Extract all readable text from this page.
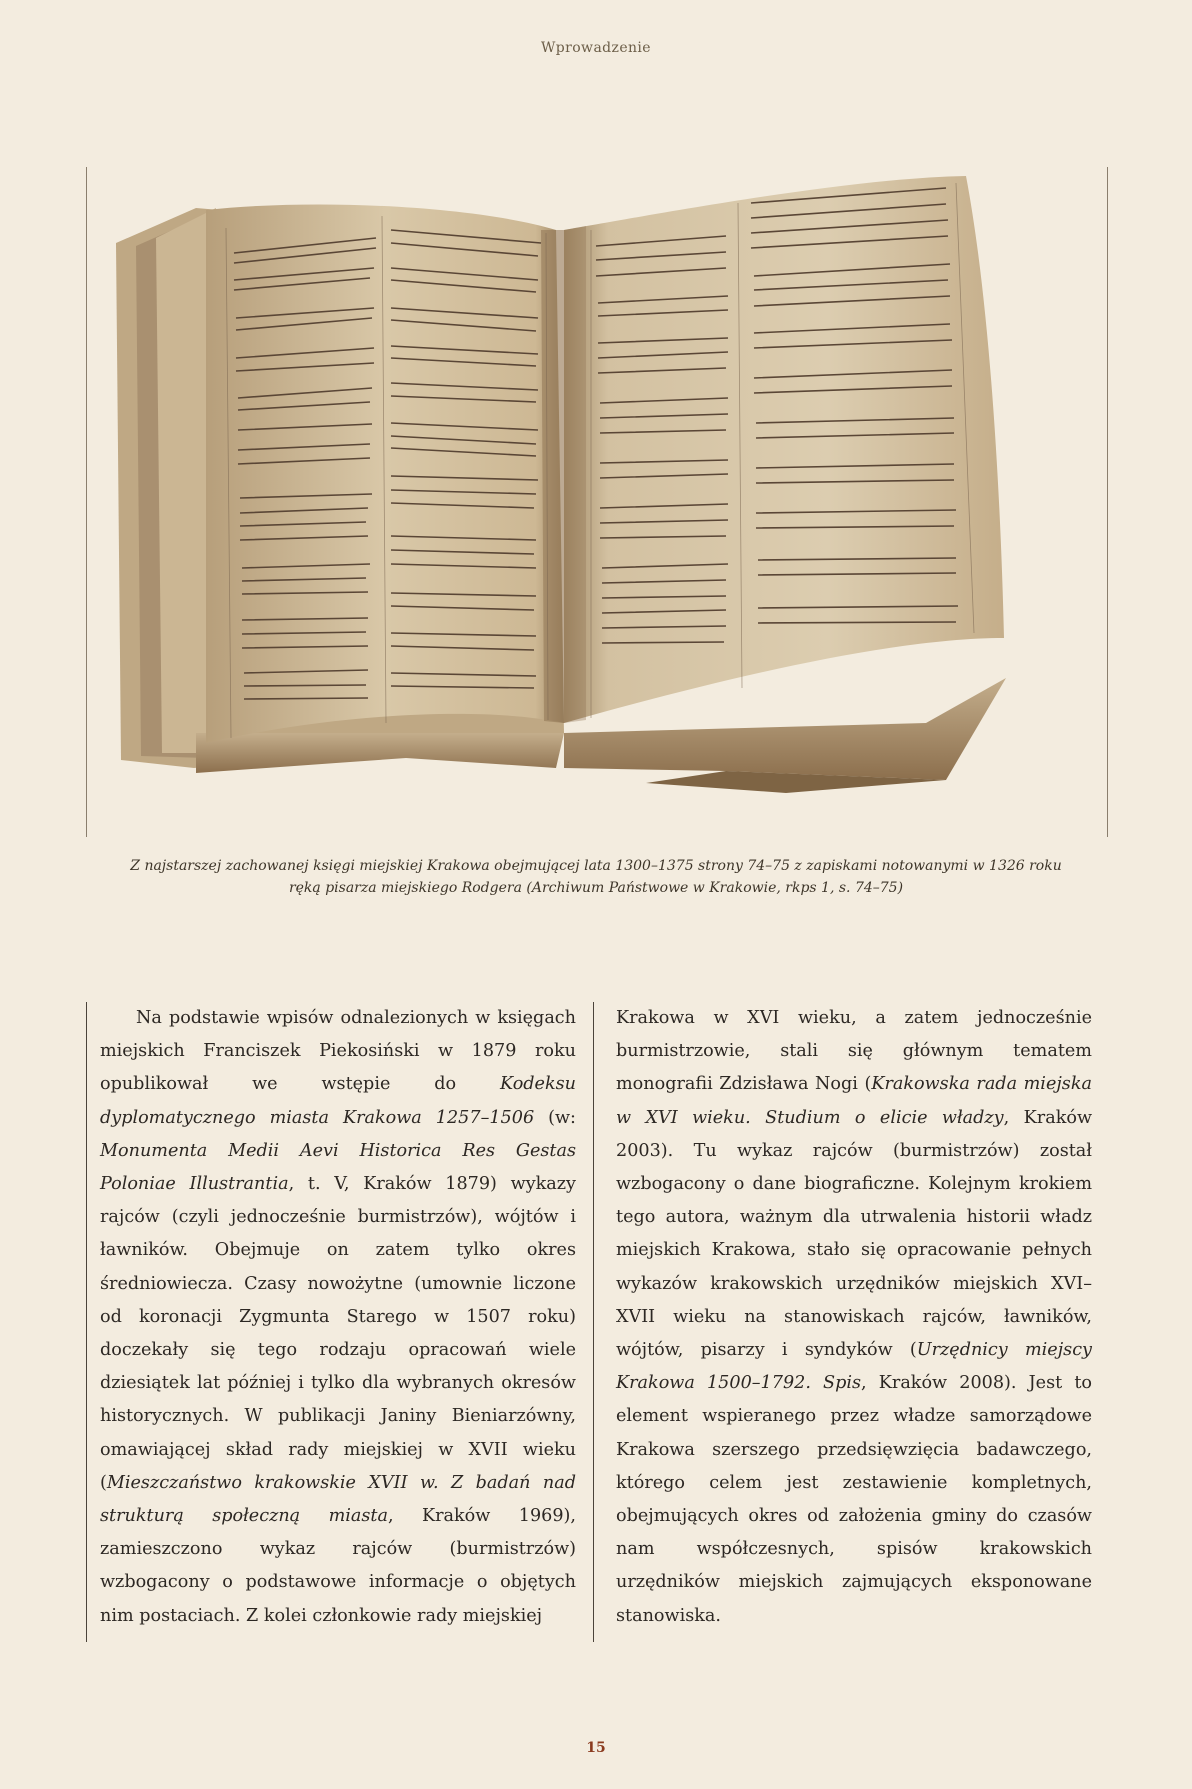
Wprowadzenie
Z najstarszej zachowanej księgi miejskiej Krakowa obejmującej lata 1300–1375 strony 74–75 z zapiskami notowanymi w 1326 roku
ręką pisarza miejskiego Rodgera (Archiwum Państwowe w Krakowie, rkps 1, s. 74–75)

Na podstawie wpisów odnalezionych w księgach miejskich Franciszek Piekosiński w 1879 roku opublikował we wstępie do Kodeksu dyplomatycznego miasta Krakowa 1257–1506 (w: Monumenta Medii Aevi Historica Res Gestas Poloniae Illustrantia, t. V, Kraków 1879) wykazy rajców (czyli jednocześnie burmistrzów), wójtów i ławników. Obejmuje on zatem tylko okres średniowiecza. Czasy nowożytne (umownie liczone od koronacji Zygmunta Starego w 1507 roku) doczekały się tego rodzaju opracowań wiele dziesiątek lat później i tylko dla wybranych okresów historycznych. W publikacji Janiny Bieniarzówny, omawiającej skład rady miejskiej w XVII wieku (Mieszczaństwo krakowskie XVII w. Z badań nad strukturą społeczną miasta, Kraków 1969), zamieszczono wykaz rajców (burmistrzów) wzbogacony o podstawowe informacje o objętych nim postaciach. Z kolei członkowie rady miejskiej

Krakowa w XVI wieku, a zatem jednocześnie burmistrzowie, stali się głównym tematem monografii Zdzisława Nogi (Krakowska rada miejska w XVI wieku. Studium o elicie władzy, Kraków 2003). Tu wykaz rajców (burmistrzów) został wzbogacony o dane biograficzne. Kolejnym krokiem tego autora, ważnym dla utrwalenia historii władz miejskich Krakowa, stało się opracowanie pełnych wykazów krakowskich urzędników miejskich XVI–XVII wieku na stanowiskach rajców, ławników, wójtów, pisarzy i syndyków (Urzędnicy miejscy Krakowa 1500–1792. Spis, Kraków 2008). Jest to element wspieranego przez władze samorządowe Krakowa szerszego przedsięwzięcia badawczego, którego celem jest zestawienie kompletnych, obejmujących okres od założenia gminy do czasów nam współczesnych, spisów krakowskich urzędników miejskich zajmujących eksponowane stanowiska.

15
